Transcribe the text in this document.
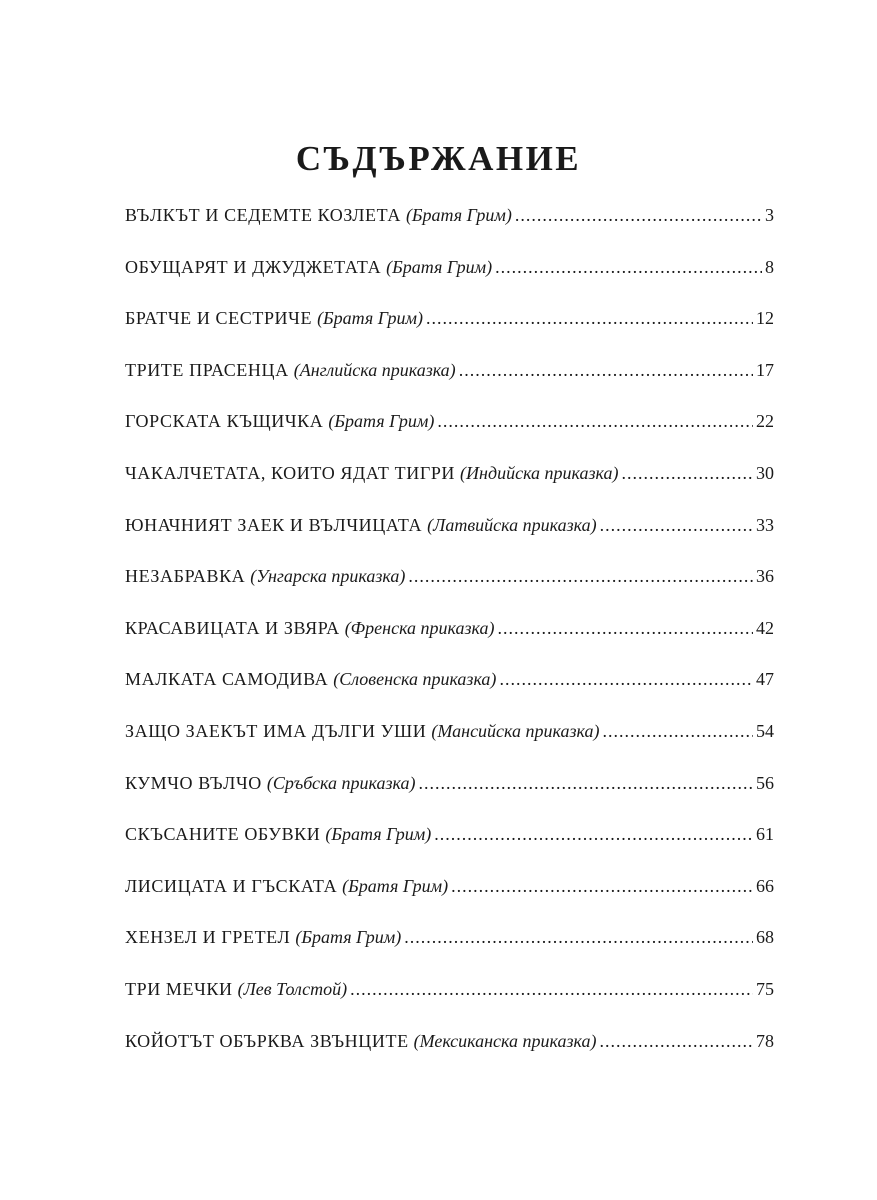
СЪДЪРЖАНИЕ
ВЪЛКЪТ И СЕДЕМТЕ КОЗЛЕТА (Братя Грим) .....	3
ОБУЩАРЯТ И ДЖУДЖЕТАТА (Братя Грим) .....	8
БРАТЧЕ И СЕСТРИЧЕ (Братя Грим) .....	12
ТРИТЕ ПРАСЕНЦА (Английска приказка) .....	17
ГОРСКАТА КЪЩИЧКА (Братя Грим) .....	22
ЧАКАЛЧЕТАТА, КОИТО ЯДАТ ТИГРИ (Индийска приказка) .....	30
ЮНАЧНИЯТ ЗАЕК И ВЪЛЧИЦАТА (Латвийска приказка) .....	33
НЕЗАБРАВКА (Унгарска приказка) .....	36
КРАСАВИЦАТА И ЗВЯРА (Френска приказка) .....	42
МАЛКАТА САМОДИВА (Словенска приказка) .....	47
ЗАЩО ЗАЕКЪТ ИМА ДЪЛГИ УШИ (Мансийска приказка) .....	54
КУМЧО ВЪЛЧО (Сръбска приказка) .....	56
СКЪСАНИТЕ ОБУВКИ (Братя Грим) .....	61
ЛИСИЦАТА И ГЪСКАТА (Братя Грим) .....	66
ХЕНЗЕЛ И ГРЕТЕЛ (Братя Грим) .....	68
ТРИ МЕЧКИ (Лев Толстой) .....	75
КОЙОТЪТ ОБЪРКВА ЗВЪНЦИТЕ (Мексиканска приказка) .....	78
